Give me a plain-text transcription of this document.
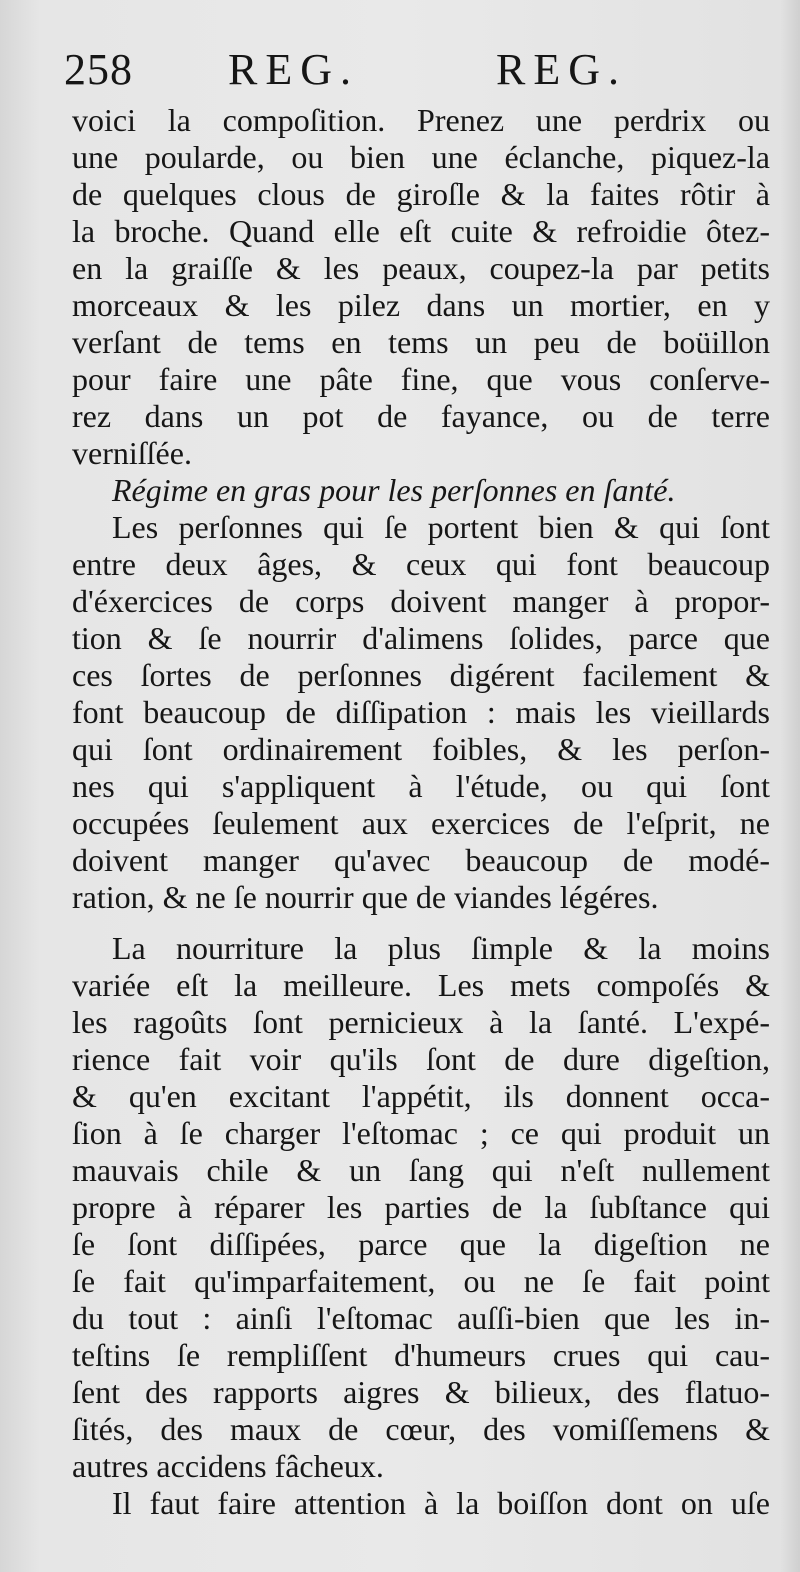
258 REG.	REG.
voici la compoſition. Prenez une perdrix ou
une poularde, ou bien une éclanche, piquez-la
de quelques clous de giroſle & la faites rôtir à
la broche. Quand elle eſt cuite & refroidie ôtez-
en la graiſſe & les peaux, coupez-la par petits
morceaux & les pilez dans un mortier, en y
verſant de tems en tems un peu de boüillon
pour faire une pâte fine, que vous conſerve-
rez dans un pot de fayance, ou de terre
verniſſée.
Régime en gras pour les perſonnes en ſanté.
Les perſonnes qui ſe portent bien & qui ſont
entre deux âges, & ceux qui font beaucoup
d'éxercices de corps doivent manger à propor-
tion & ſe nourrir d'alimens ſolides, parce que
ces ſortes de perſonnes digérent facilement &
font beaucoup de diſſipation : mais les vieillards
qui ſont ordinairement foibles, & les perſon-
nes qui s'appliquent à l'étude, ou qui ſont
occupées ſeulement aux exercices de l'eſprit, ne
doivent manger qu'avec beaucoup de modé-
ration, & ne ſe nourrir que de viandes légéres.
La nourriture la plus ſimple & la moins
variée eſt la meilleure. Les mets compoſés &
les ragoûts ſont pernicieux à la ſanté. L'expé-
rience fait voir qu'ils ſont de dure digeſtion,
& qu'en excitant l'appétit, ils donnent occa-
ſion à ſe charger l'eſtomac ; ce qui produit un
mauvais chile & un ſang qui n'eſt nullement
propre à réparer les parties de la ſubſtance qui
ſe ſont diſſipées, parce que la digeſtion ne
ſe fait qu'imparfaitement, ou ne ſe fait point
du tout : ainſi l'eſtomac auſſi-bien que les in-
teſtins ſe rempliſſent d'humeurs crues qui cau-
ſent des rapports aigres & bilieux, des flatuo-
ſités, des maux de cœur, des vomiſſemens &
autres accidens fâcheux.
Il faut faire attention à la boiſſon dont on uſe
